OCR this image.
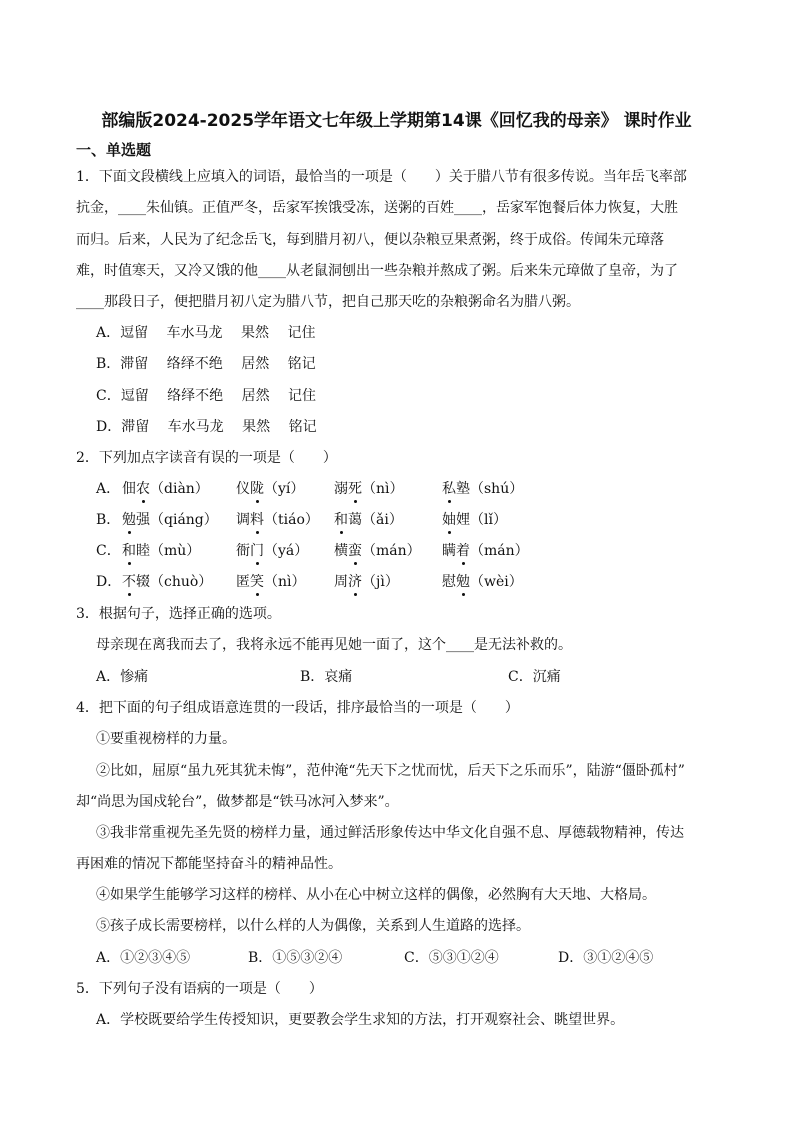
部编版2024-2025学年语文七年级上学期第14课《回忆我的母亲》 课时作业
一、单选题
1．下面文段横线上应填入的词语，最恰当的一项是（　　）关于腊八节有很多传说。当年岳飞率部
抗金，____朱仙镇。正值严冬，岳家军挨饿受冻，送粥的百姓____，岳家军饱餐后体力恢复，大胜
而归。后来，人民为了纪念岳飞，每到腊月初八，便以杂粮豆果煮粥，终于成俗。传闻朱元璋落
难，时值寒天，又冷又饿的他____从老鼠洞刨出一些杂粮并熬成了粥。后来朱元璋做了皇帝，为了
____那段日子，便把腊月初八定为腊八节，把自己那天吃的杂粮粥命名为腊八粥。
A．逗留　 车水马龙　 果然　 记住
B．滞留　 络绎不绝　 居然　 铭记
C．逗留　 络绎不绝　 居然　 记住
D．滞留　 车水马龙　 果然　 铭记
2．下列加点字读音有误的一项是（　　）
A． 佃农（diàn） 仪陇（yí） 溺死（nì）	私塾（shú）
B． 勉强（qiáng） 调料（tiáo） 和蔼（ǎi）	妯娌（lǐ）
C． 和睦（mù）	衙门（yá） 横蛮（mán） 瞒着（mán）
D． 不辍（chuò） 匿笑（nì） 周济（jì）	慰勉（wèi）
3．根据句子，选择正确的选项。
母亲现在离我而去了，我将永远不能再见她一面了，这个____是无法补救的。
A．惨痛	B．哀痛	C．沉痛
4．把下面的句子组成语意连贯的一段话，排序最恰当的一项是（　　）
①要重视榜样的力量。
②比如，屈原“虽九死其犹未悔”，范仲淹“先天下之忧而忧，后天下之乐而乐”，陆游“僵卧孤村”
却“尚思为国戍轮台”，做梦都是“铁马冰河入梦来”。
③我非常重视先圣先贤的榜样力量，通过鲜活形象传达中华文化自强不息、厚德载物精神，传达
再困难的情况下都能坚持奋斗的精神品性。
④如果学生能够学习这样的榜样、从小在心中树立这样的偶像，必然胸有大天地、大格局。
⑤孩子成长需要榜样，以什么样的人为偶像，关系到人生道路的选择。
A．①②③④⑤	B．①⑤③②④	C．⑤③①②④	D．③①②④⑤
5．下列句子没有语病的一项是（　　）
A．学校既要给学生传授知识，更要教会学生求知的方法，打开观察社会、眺望世界。
